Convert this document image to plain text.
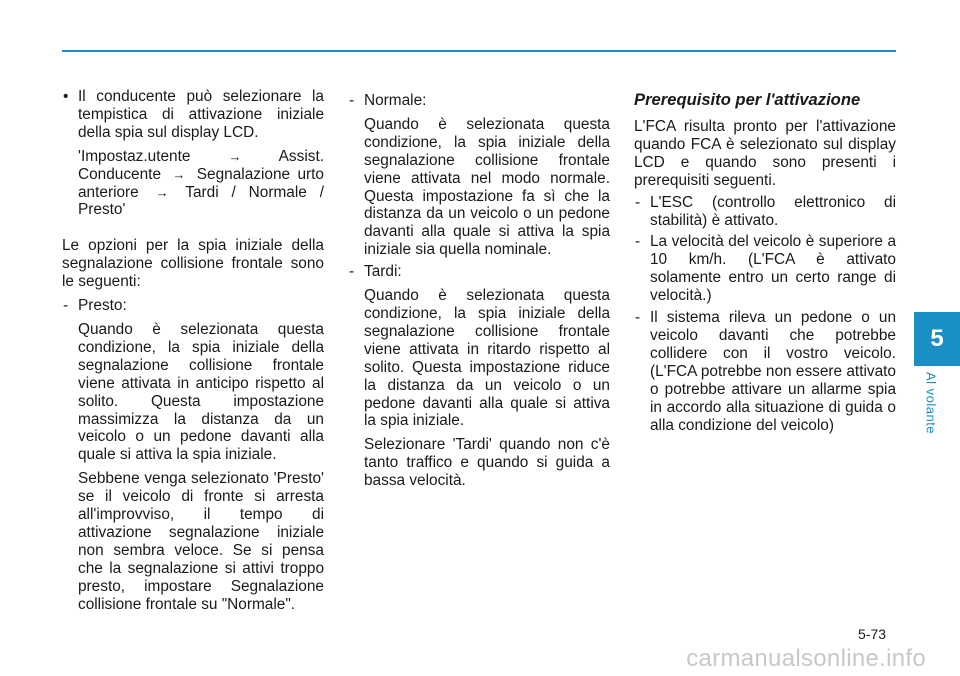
• Il conducente può selezionare la tempistica di attivazione iniziale della spia sul display LCD.

'Impostaz.utente	→ Assist. Conducente → Segnalazione urto anteriore → Tardi / Normale / Presto'

Le opzioni per la spia iniziale della segnalazione collisione frontale sono le seguenti:

- Presto:

Quando è selezionata questa condizione, la spia iniziale della segnalazione collisione frontale viene attivata in anticipo rispetto al solito. Questa impostazione massimizza la distanza da un veicolo o un pedone davanti alla quale si attiva la spia iniziale.

Sebbene venga selezionato 'Presto' se il veicolo di fronte si arresta all'improvviso, il tempo di attivazione segnalazione iniziale non sembra veloce. Se si pensa che la segnalazione si attivi troppo presto, impostare Segnalazione collisione frontale su "Normale".

- Normale:

Quando è selezionata questa condizione, la spia iniziale della segnalazione collisione frontale viene attivata nel modo normale. Questa impostazione fa sì che la distanza da un veicolo o un pedone davanti alla quale si attiva la spia iniziale sia quella nominale.

- Tardi:

Quando è selezionata questa condizione, la spia iniziale della segnalazione collisione frontale viene attivata in ritardo rispetto al solito. Questa impostazione riduce la distanza da un veicolo o un pedone davanti alla quale si attiva la spia iniziale.

Selezionare 'Tardi' quando non c'è tanto traffico e quando si guida a bassa velocità.

Prerequisito per l'attivazione

L'FCA risulta pronto per l'attivazione quando FCA è selezionato sul display LCD e quando sono presenti i prerequisiti seguenti.

- L'ESC (controllo elettronico di stabilità) è attivato.

- La velocità del veicolo è superiore a 10 km/h. (L'FCA è attivato solamente entro un certo range di velocità.)

- Il sistema rileva un pedone o un veicolo davanti che potrebbe collidere con il vostro veicolo. (L'FCA potrebbe non essere attivato o potrebbe attivare un allarme spia in accordo alla situazione di guida o alla condizione del veicolo)

5
Al volante
5-73
carmanualsonline.info
